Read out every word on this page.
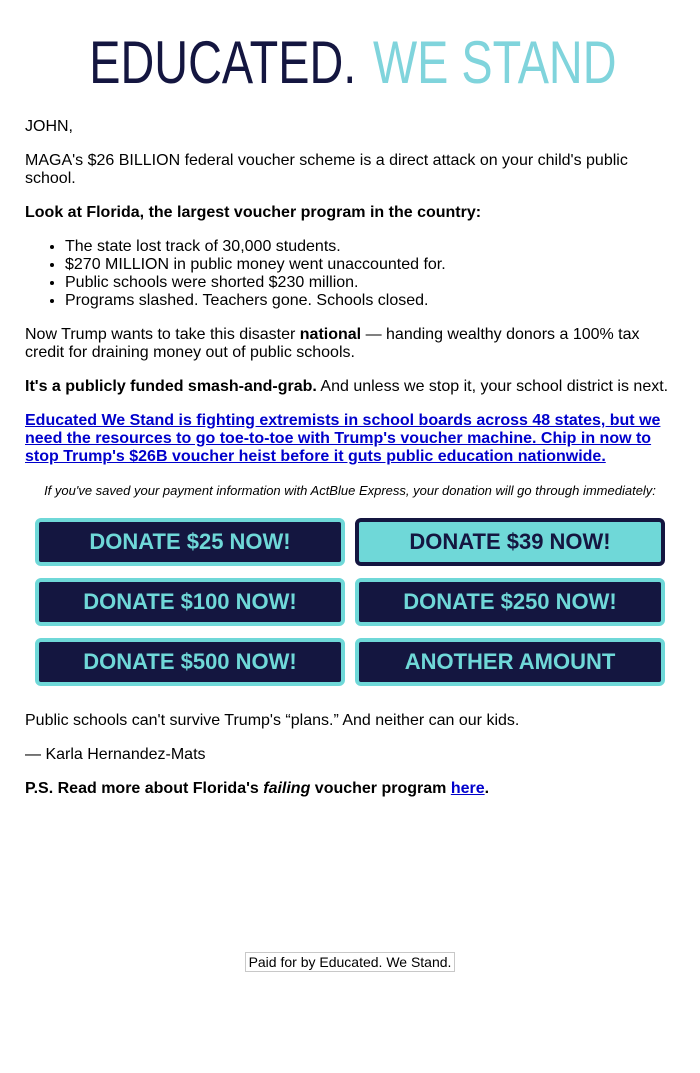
EDUCATED. WE STAND

JOHN,

MAGA's $26 BILLION federal voucher scheme is a direct attack on your child's public school.

Look at Florida, the largest voucher program in the country:

• The state lost track of 30,000 students.
• $270 MILLION in public money went unaccounted for.
• Public schools were shorted $230 million.
• Programs slashed. Teachers gone. Schools closed.

Now Trump wants to take this disaster national — handing wealthy donors a 100% tax credit for draining money out of public schools.

It's a publicly funded smash-and-grab. And unless we stop it, your school district is next.

Educated We Stand is fighting extremists in school boards across 48 states, but we need the resources to go toe-to-toe with Trump's voucher machine. Chip in now to stop Trump's $26B voucher heist before it guts public education nationwide.

If you've saved your payment information with ActBlue Express, your donation will go through immediately:
DONATE $25 NOW!	DONATE $39 NOW!
DONATE $100 NOW!	DONATE $250 NOW!
DONATE $500 NOW!	ANOTHER AMOUNT

Public schools can't survive Trump's “plans.” And neither can our kids.

— Karla Hernandez-Mats

P.S. Read more about Florida's failing voucher program here.

Paid for by Educated. We Stand.
